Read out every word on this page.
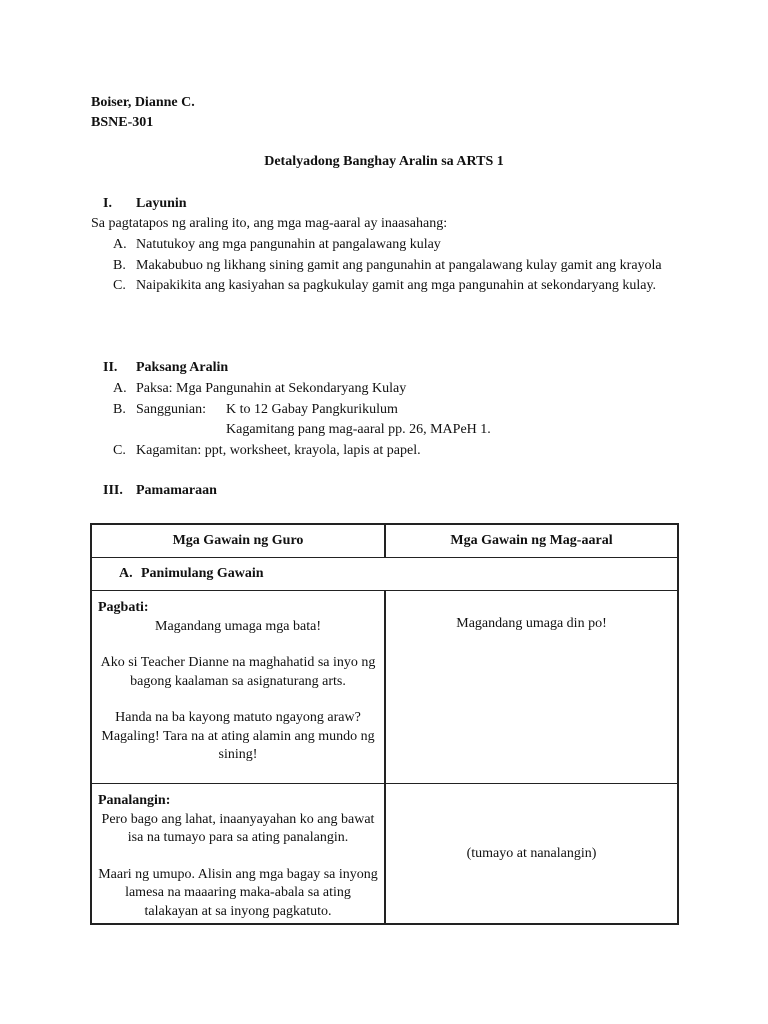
Boiser, Dianne C.
BSNE-301
Detalyadong Banghay Aralin sa ARTS 1
I. Layunin
Sa pagtatapos ng araling ito, ang mga mag-aaral ay inaasahang:
A. Natutukoy ang mga pangunahin at pangalawang kulay
B. Makabubuo ng likhang sining gamit ang pangunahin at pangalawang kulay gamit ang krayola
C. Naipakikita ang kasiyahan sa pagkukulay gamit ang mga pangunahin at sekondaryang kulay.
II. Paksang Aralin
A. Paksa: Mga Pangunahin at Sekondaryang Kulay
B. Sanggunian:	K to 12 Gabay Pangkurikulum
Kagamitang pang mag-aaral pp. 26, MAPeH 1.
C. Kagamitan: ppt, worksheet, krayola, lapis at papel.
III. Pamamaraan
Mga Gawain ng Guro	Mga Gawain ng Mag-aaral
A. Panimulang Gawain
Pagbati:

Magandang umaga mga bata!

Ako si Teacher Dianne na maghahatid sa inyo ng bagong kaalaman sa asignaturang arts.

Handa na ba kayong matuto ngayong araw? Magaling! Tara na at ating alamin ang mundo ng sining!

Magandang umaga din po!
Panalangin:

Pero bago ang lahat, inaanyayahan ko ang bawat isa na tumayo para sa ating panalangin.

Maari ng umupo. Alisin ang mga bagay sa inyong lamesa na maaaring maka-abala sa ating talakayan at sa inyong pagkatuto.

(tumayo at nanalangin)
